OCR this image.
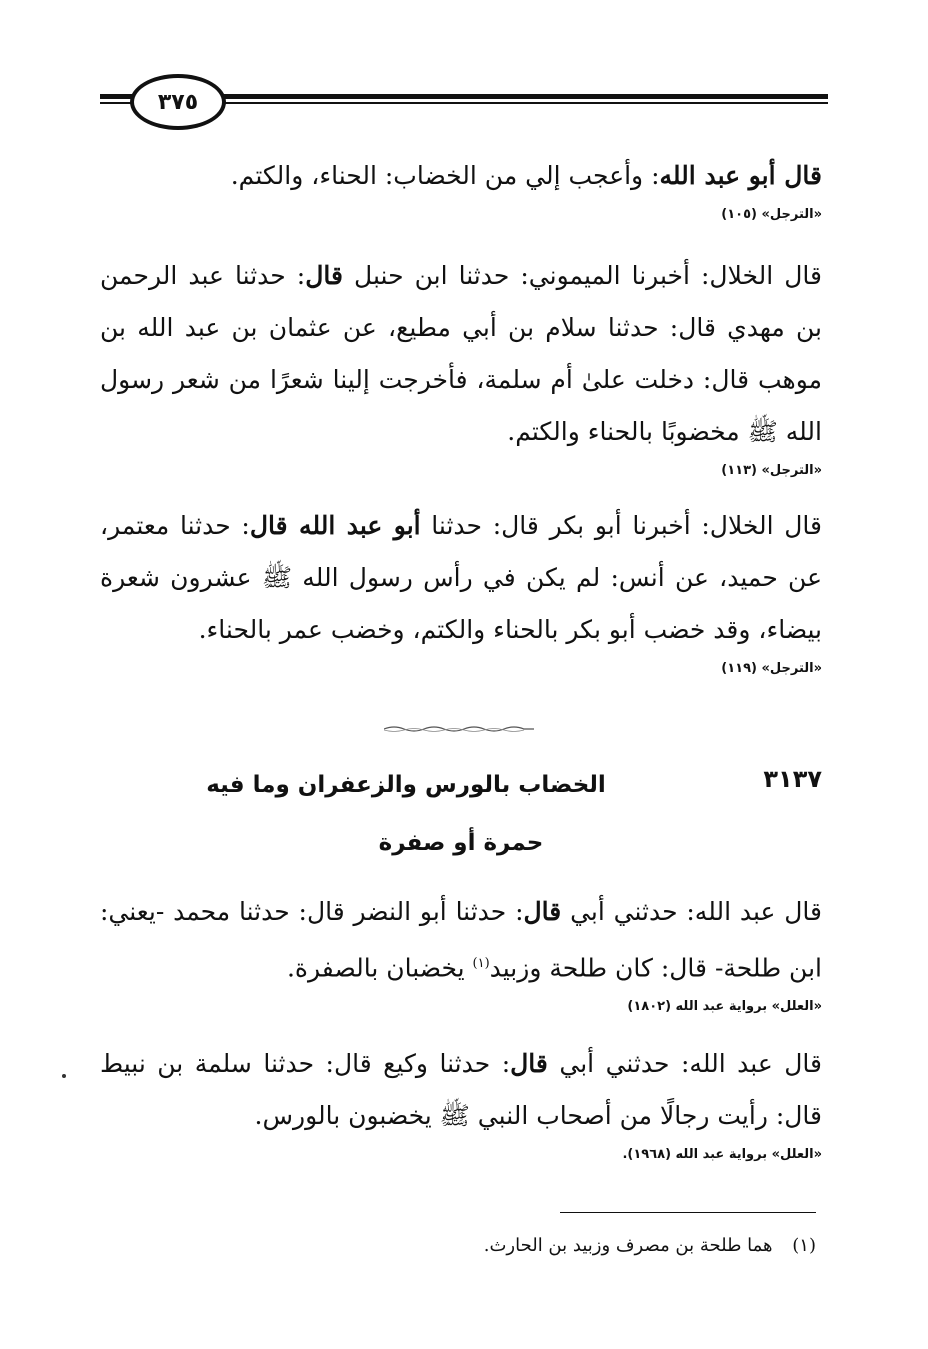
٣٧٥

قال أبو عبد الله: وأعجب إلي من الخضاب: الحناء، والكتم.

«الترجل» (١٠٥)

قال الخلال: أخبرنا الميموني: حدثنا ابن حنبل قال: حدثنا عبد الرحمن بن مهدي قال: حدثنا سلام بن أبي مطيع، عن عثمان بن عبد الله بن موهب قال: دخلت علىٰ أم سلمة، فأخرجت إلينا شعرًا من شعر رسول الله ﷺ مخضوبًا بالحناء والكتم.

«الترجل» (١١٣)

قال الخلال: أخبرنا أبو بكر قال: حدثنا أبو عبد الله قال: حدثنا معتمر، عن حميد، عن أنس: لم يكن في رأس رسول الله ﷺ عشرون شعرة بيضاء، وقد خضب أبو بكر بالحناء والكتم، وخضب عمر بالحناء.

«الترجل» (١١٩)

٣١٣٧

الخضاب بالورس والزعفران وما فيه

حمرة أو صفرة

قال عبد الله: حدثني أبي قال: حدثنا أبو النضر قال: حدثنا محمد -يعني: ابن طلحة- قال: كان طلحة وزبيد$^{(١)}$ يخضبان بالصفرة.

«العلل» برواية عبد الله (١٨٠٢)

قال عبد الله: حدثني أبي قال: حدثنا وكيع قال: حدثنا سلمة بن نبيط قال: رأيت رجالًا من أصحاب النبي ﷺ يخضبون بالورس.

«العلل» برواية عبد الله (١٩٦٨).

(١) هما طلحة بن مصرف وزبيد بن الحارث.
